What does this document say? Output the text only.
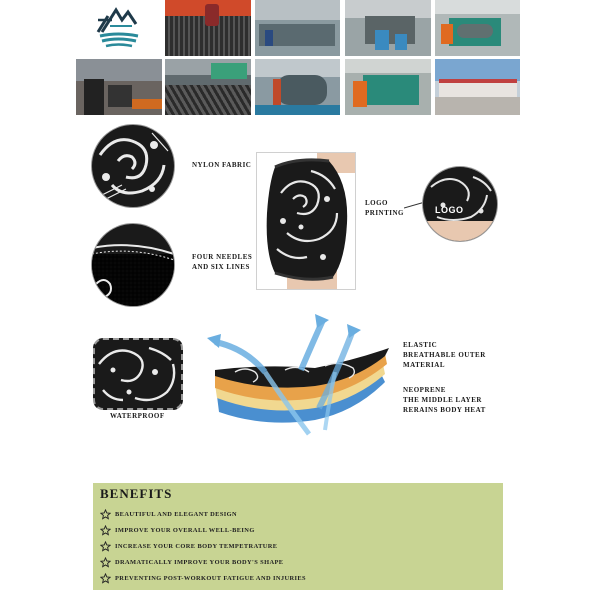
NYLON FABRIC
LOGO
PRINTING	LOGO
FOUR NEEDLES
AND SIX LINES
WATERPROOF
ELASTIC
BREATHABLE OUTER
MATERIAL
NEOPRENE
THE MIDDLE LAYER
RERAINS BODY HEAT
BENEFITS
BEAUTIFUL AND ELEGANT DESIGN
IMPROVE YOUR OVERALL WELL-BEING
INCREASE YOUR CORE BODY TEMPETRATURE
DRAMATICALLY IMPROVE YOUR BODY'S SHAPE
PREVENTING POST-WORKOUT FATIGUE AND INJURIES
